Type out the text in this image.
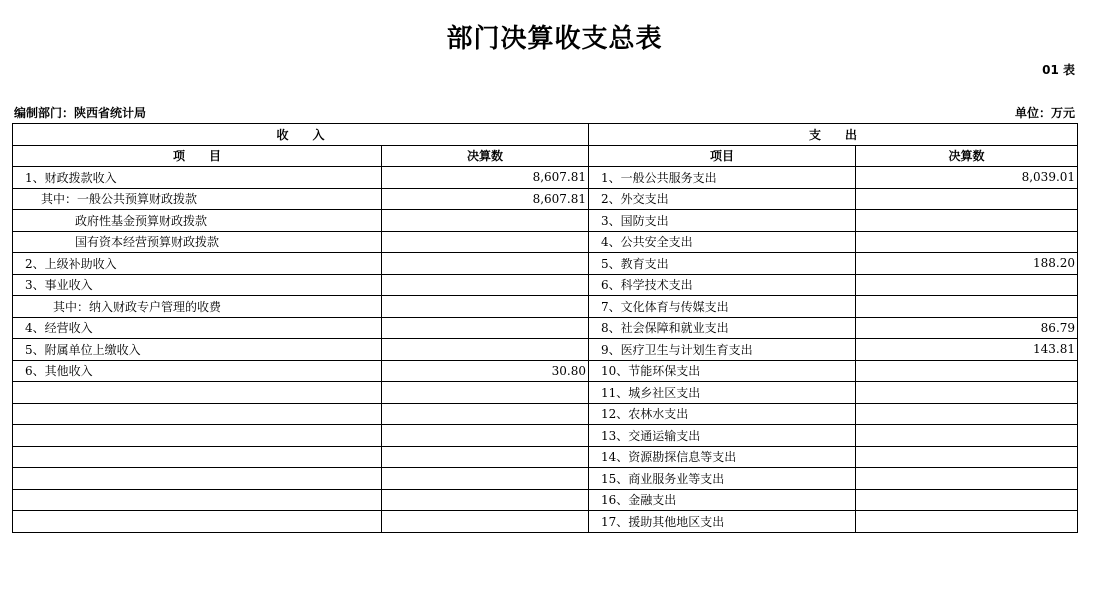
部门决算收支总表
01 表
编制部门：陕西省统计局	单位：万元
收　　入		支　　出	
项　　目	决算数	项目	决算数
1、财政拨款收入	8,607.81	1、一般公共服务支出	8,039.01
其中：一般公共预算财政拨款	8,607.81	2、外交支出	
政府性基金预算财政拨款		3、国防支出	
国有资本经营预算财政拨款		4、公共安全支出	
2、上级补助收入		5、教育支出	188.20
3、事业收入		6、科学技术支出	
其中：纳入财政专户管理的收费		7、文化体育与传媒支出	
4、经营收入		8、社会保障和就业支出	86.79
5、附属单位上缴收入		9、医疗卫生与计划生育支出	143.81
6、其他收入	30.80	10、节能环保支出	
		11、城乡社区支出	
		12、农林水支出	
		13、交通运输支出	
		14、资源勘探信息等支出	
		15、商业服务业等支出	
		16、金融支出	
		17、援助其他地区支出	
